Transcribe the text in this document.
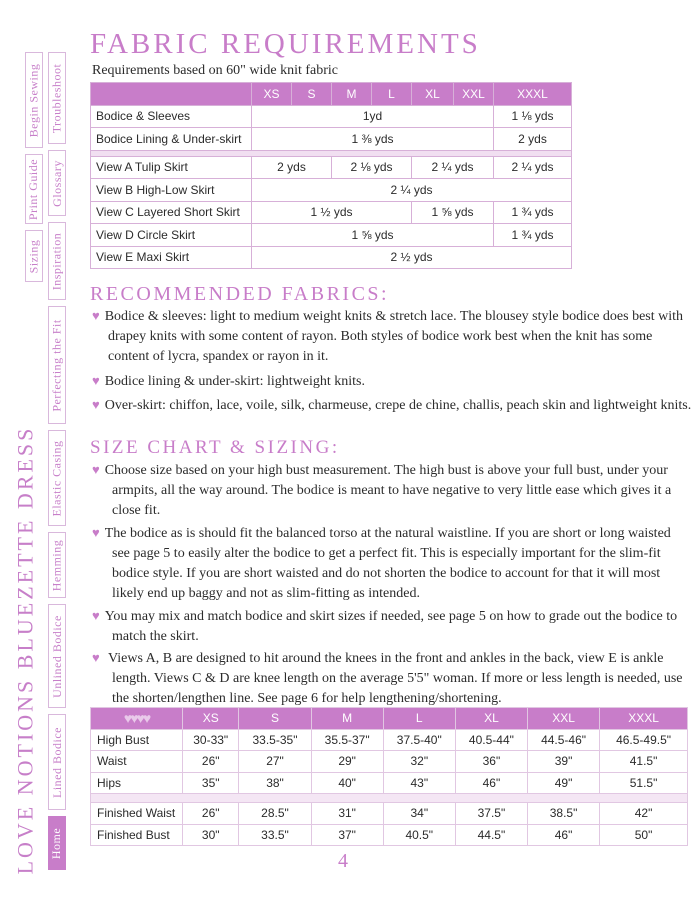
LOVE NOTIONS BLUEZETTE DRESS
Begin Sewing
Print Guide
Sizing
Troubleshoot
Glossary
Inspiration
Perfecting the Fit
Elastic Casing
Hemming
Unlined Bodice
Lined Bodice
Home
FABRIC REQUIREMENTS
Requirements based on 60" wide knit fabric
	XS	S	M	L	XL	XXL	XXXL
Bodice & Sleeves	1yd						1 ⅛ yds
Bodice Lining & Under-skirt	1 ⅜ yds						2 yds

View A Tulip Skirt	2 yds		2 ⅛ yds		2 ¼ yds		2 ¼ yds
View B High-Low Skirt	2 ¼ yds						
View C Layered Short Skirt	1 ½ yds				1 ⅝ yds		1 ¾ yds
View D Circle Skirt	1 ⅝ yds						1 ¾ yds
View E Maxi Skirt	2 ½ yds						
RECOMMENDED FABRICS:
♥ Bodice & sleeves: light to medium weight knits & stretch lace. The blousey style bodice does best with drapey knits with some content of rayon. Both styles of bodice work best when the knit has some content of lycra, spandex or rayon in it.
♥ Bodice lining & under-skirt: lightweight knits.
♥ Over-skirt: chiffon, lace, voile, silk, charmeuse, crepe de chine, challis, peach skin and lightweight knits.
SIZE CHART & SIZING:
♥ Choose size based on your high bust measurement. The high bust is above your full bust, under your armpits, all the way around. The bodice is meant to have negative to very little ease which gives it a close fit.
♥ The bodice as is should fit the balanced torso at the natural waistline. If you are short or long waisted see page 5 to easily alter the bodice to get a perfect fit. This is especially important for the slim-fit bodice style. If you are short waisted and do not shorten the bodice to account for that it will most likely end up baggy and not as slim-fitting as intended.
♥ You may mix and match bodice and skirt sizes if needed, see page 5 on how to grade out the bodice to match the skirt.
♥ Views A, B are designed to hit around the knees in the front and ankles in the back, view E is ankle length. Views C & D are knee length on the average 5'5" woman. If more or less length is needed, use the shorten/lengthen line. See page 6 for help lengthening/shortening.
♥♥♥♥	XS	S	M	L	XL	XXL	XXXL
High Bust	30-33"	33.5-35"	35.5-37"	37.5-40"	40.5-44"	44.5-46"	46.5-49.5"
Waist	26"	27"	29"	32"	36"	39"	41.5"
Hips	35"	38"	40"	43"	46"	49"	51.5"

Finished Waist	26"	28.5"	31"	34"	37.5"	38.5"	42"
Finished Bust	30"	33.5"	37"	40.5"	44.5"	46"	50"
4
